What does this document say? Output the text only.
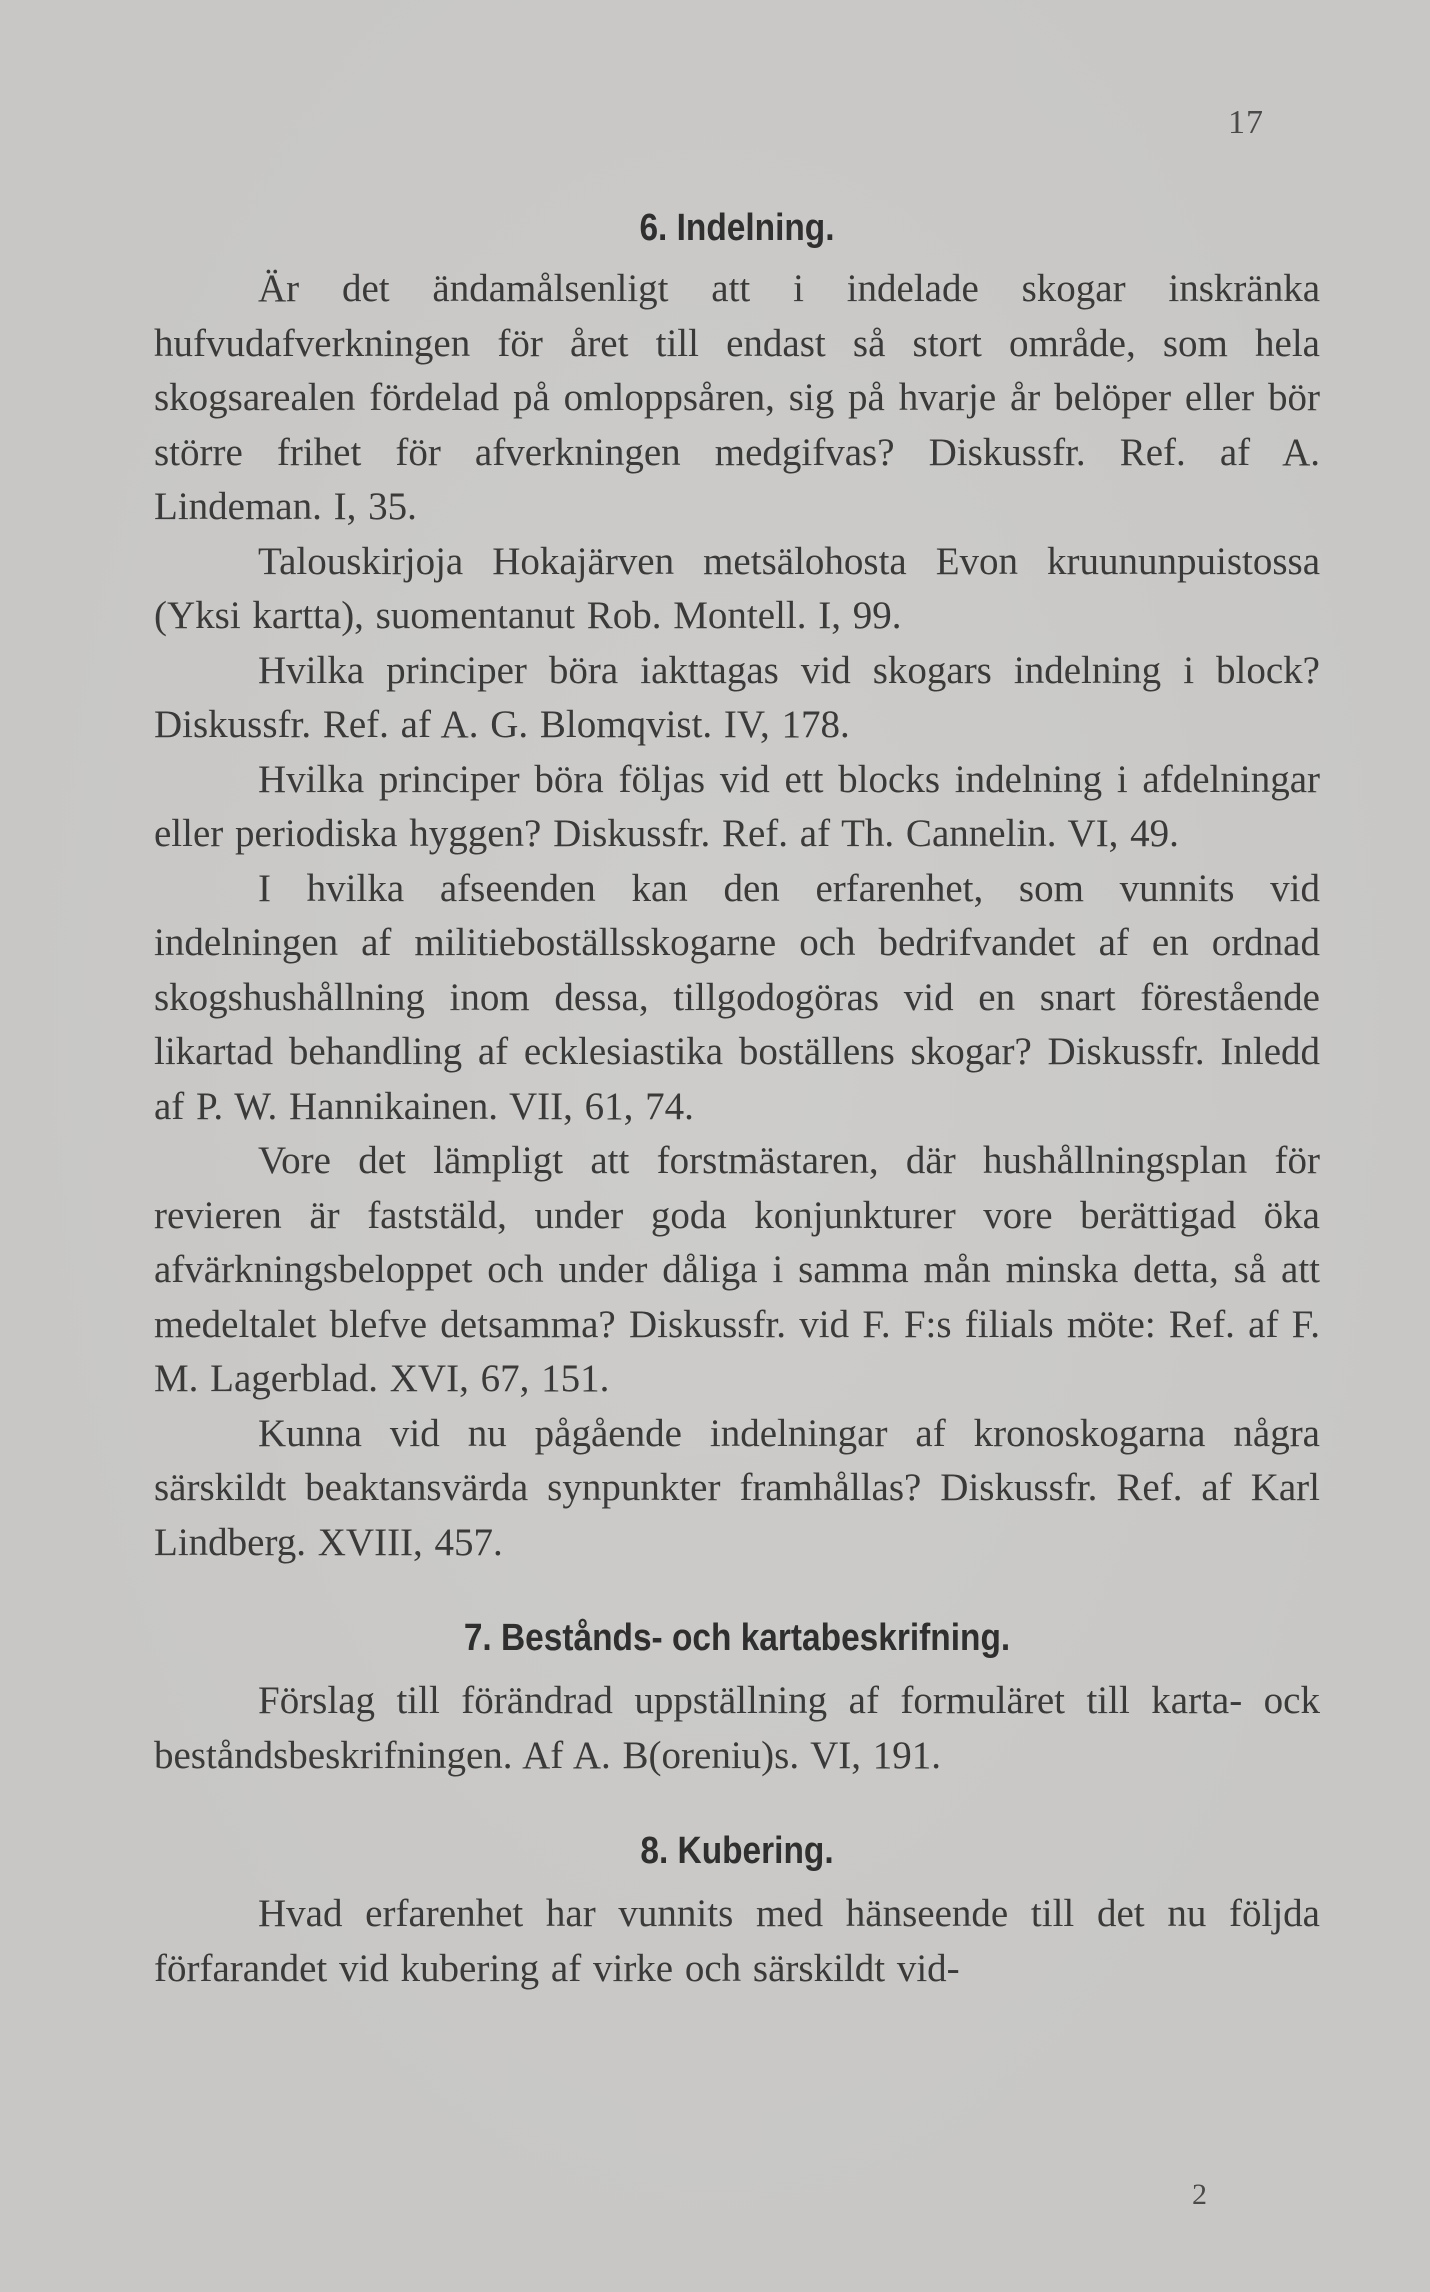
17
6. Indelning.

Är det ändamålsenligt att i indelade skogar inskränka hufvudafverkningen för året till endast så stort område, som hela skogsarealen fördelad på omloppsåren, sig på hvarje år belöper eller bör större frihet för afverkningen medgifvas? Diskussfr. Ref. af A. Lindeman. I, 35.

Talouskirjoja Hokajärven metsälohosta Evon kruununpuistossa (Yksi kartta), suomentanut Rob. Montell. I, 99.

Hvilka principer böra iakttagas vid skogars indelning i block? Diskussfr. Ref. af A. G. Blomqvist. IV, 178.

Hvilka principer böra följas vid ett blocks indelning i afdelningar eller periodiska hyggen? Diskussfr. Ref. af Th. Cannelin. VI, 49.

I hvilka afseenden kan den erfarenhet, som vunnits vid indelningen af militieboställsskogarne och bedrifvandet af en ordnad skogshushållning inom dessa, tillgodogöras vid en snart förestående likartad behandling af ecklesiastika boställens skogar? Diskussfr. Inledd af P. W. Hannikainen. VII, 61, 74.

Vore det lämpligt att forstmästaren, där hushållningsplan för revieren är faststäld, under goda konjunkturer vore berättigad öka afvärkningsbeloppet och under dåliga i samma mån minska detta, så att medeltalet blefve detsamma? Diskussfr. vid F. F:s filials möte: Ref. af F. M. Lagerblad. XVI, 67, 151.

Kunna vid nu pågående indelningar af kronoskogarna några särskildt beaktansvärda synpunkter framhållas? Diskussfr. Ref. af Karl Lindberg. XVIII, 457.

7. Bestånds- och kartabeskrifning.

Förslag till förändrad uppställning af formuläret till karta- ock beståndsbeskrifningen. Af A. B(oreniu)s. VI, 191.

8. Kubering.

Hvad erfarenhet har vunnits med hänseende till det nu följda förfarandet vid kubering af virke och särskildt vid-

2
